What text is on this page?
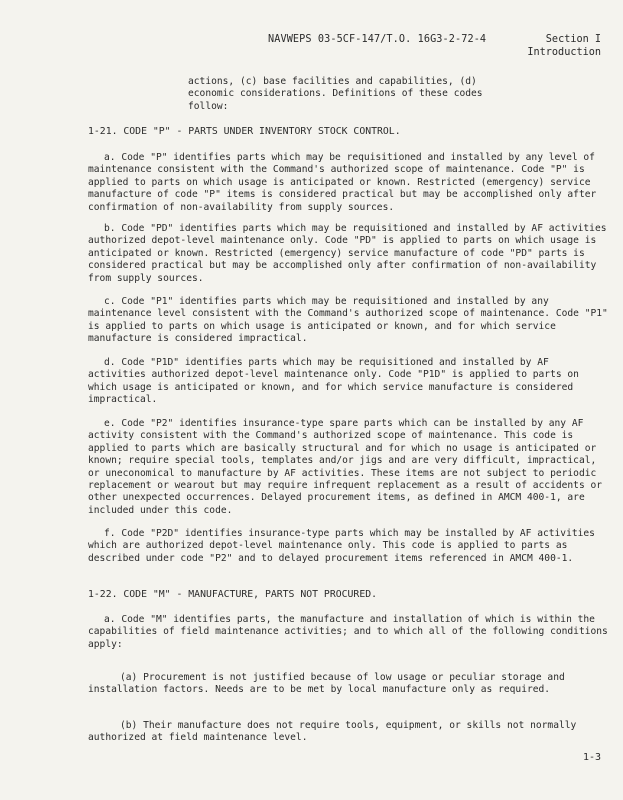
NAVWEPS 03-5CF-147/T.O. 16G3-2-72-4	Section I
Introduction

actions, (c) base facilities and capabilities, (d) economic considerations. Definitions of these codes follow:

1-21. CODE "P" - PARTS UNDER INVENTORY STOCK CONTROL.

a. Code "P" identifies parts which may be requisitioned and installed by any level of maintenance consistent with the Command's authorized scope of maintenance. Code "P" is applied to parts on which usage is anticipated or known. Restricted (emergency) service manufacture of code "P" items is considered practical but may be accomplished only after confirmation of non-availability from supply sources.

b. Code "PD" identifies parts which may be requisitioned and installed by AF activities authorized depot-level maintenance only. Code "PD" is applied to parts on which usage is anticipated or known. Restricted (emergency) service manufacture of code "PD" parts is considered practical but may be accomplished only after confirmation of non-availability from supply sources.

c. Code "P1" identifies parts which may be requisitioned and installed by any maintenance level consistent with the Command's authorized scope of maintenance. Code "P1" is applied to parts on which usage is anticipated or known, and for which service manufacture is considered impractical.

d. Code "P1D" identifies parts which may be requisitioned and installed by AF activities authorized depot-level maintenance only. Code "P1D" is applied to parts on which usage is anticipated or known, and for which service manufacture is considered impractical.

e. Code "P2" identifies insurance-type spare parts which can be installed by any AF activity consistent with the Command's authorized scope of maintenance. This code is applied to parts which are basically structural and for which no usage is anticipated or known; require special tools, templates and/or jigs and are very difficult, impractical, or uneconomical to manufacture by AF activities. These items are not subject to periodic replacement or wearout but may require infrequent replacement as a result of accidents or other unexpected occurrences. Delayed procurement items, as defined in AMCM 400-1, are included under this code.

f. Code "P2D" identifies insurance-type parts which may be installed by AF activities which are authorized depot-level maintenance only. This code is applied to parts as described under code "P2" and to delayed procurement items referenced in AMCM 400-1.

1-22. CODE "M" - MANUFACTURE, PARTS NOT PROCURED.

a. Code "M" identifies parts, the manufacture and installation of which is within the capabilities of field maintenance activities; and to which all of the following conditions apply:

(a) Procurement is not justified because of low usage or peculiar storage and installation factors. Needs are to be met by local manufacture only as required.

(b) Their manufacture does not require tools, equipment, or skills not normally authorized at field maintenance level.

1-3
